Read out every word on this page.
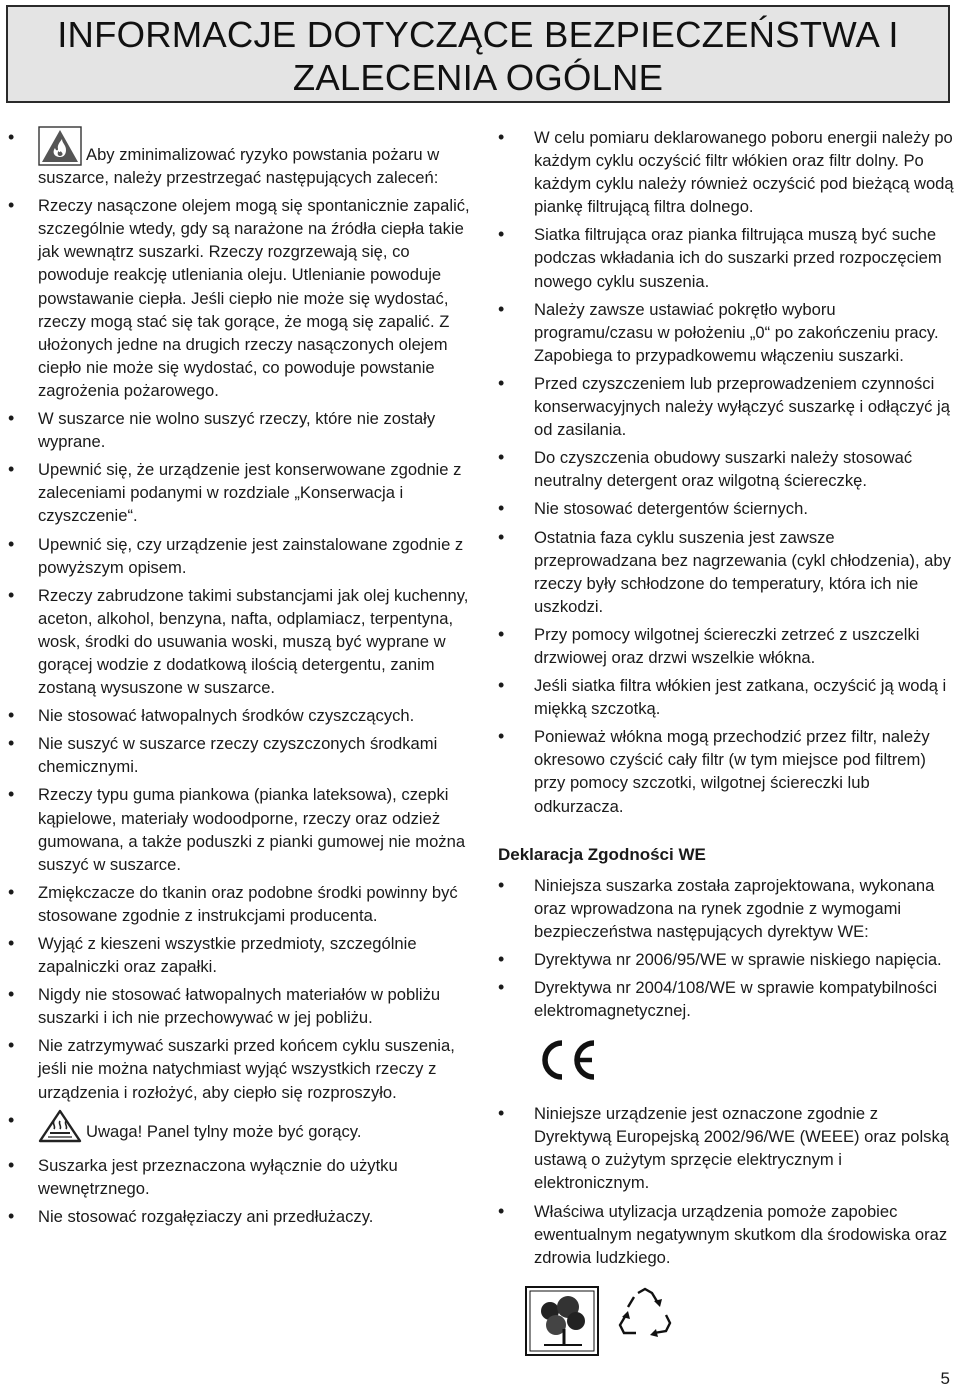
INFORMACJE DOTYCZĄCE BEZPIECZEŃSTWA I
ZALECENIA OGÓLNE
• Aby zminimalizować ryzyko powstania pożaru w suszarce, należy przestrzegać następujących zaleceń:
• Rzeczy nasączone olejem mogą się spontanicznie zapalić, szczególnie wtedy, gdy są narażone na źródła ciepła takie jak wewnątrz suszarki. Rzeczy rozgrzewają się, co powoduje reakcję utleniania oleju. Utlenianie powoduje powstawanie ciepła. Jeśli ciepło nie może się wydostać, rzeczy mogą stać się tak gorące, że mogą się zapalić. Z ułożonych jedne na drugich rzeczy nasączonych olejem ciepło nie może się wydostać, co powoduje powstanie zagrożenia pożarowego.
• W suszarce nie wolno suszyć rzeczy, które nie zostały wyprane.
• Upewnić się, że urządzenie jest konserwowane zgodnie z zaleceniami podanymi w rozdziale „Konserwacja i czyszczenie“.
• Upewnić się, czy urządzenie jest zainstalowane zgodnie z powyższym opisem.
• Rzeczy zabrudzone takimi substancjami jak olej kuchenny, aceton, alkohol, benzyna, nafta, odplamiacz, terpentyna, wosk, środki do usuwania woski, muszą być wyprane w gorącej wodzie z dodatkową ilością detergentu, zanim zostaną wysuszone w suszarce.
• Nie stosować łatwopalnych środków czyszczących.
• Nie suszyć w suszarce rzeczy czyszczonych środkami chemicznymi.
• Rzeczy typu guma piankowa (pianka lateksowa), czepki kąpielowe, materiały wodoodporne, rzeczy oraz odzież gumowana, a także poduszki z pianki gumowej nie można suszyć w suszarce.
• Zmiękczacze do tkanin oraz podobne środki powinny być stosowane zgodnie z instrukcjami producenta.
• Wyjąć z kieszeni wszystkie przedmioty, szczególnie zapalniczki oraz zapałki.
• Nigdy nie stosować łatwopalnych materiałów w pobliżu suszarki i ich nie przechowywać w jej pobliżu.
• Nie zatrzymywać suszarki przed końcem cyklu suszenia, jeśli nie można natychmiast wyjąć wszystkich rzeczy z urządzenia i rozłożyć, aby ciepło się rozproszyło.
• Uwaga! Panel tylny może być gorący.
• Suszarka jest przeznaczona wyłącznie do użytku wewnętrznego.
• Nie stosować rozgałęziaczy ani przedłużaczy.
• W celu pomiaru deklarowanego poboru energii należy po każdym cyklu oczyścić filtr włókien oraz filtr dolny. Po każdym cyklu należy również oczyścić pod bieżącą wodą piankę filtrującą filtra dolnego.
• Siatka filtrująca oraz pianka filtrująca muszą być suche podczas wkładania ich do suszarki przed rozpoczęciem nowego cyklu suszenia.
• Należy zawsze ustawiać pokrętło wyboru programu/czasu w położeniu „0“ po zakończeniu pracy. Zapobiega to przypadkowemu włączeniu suszarki.
• Przed czyszczeniem lub przeprowadzeniem czynności konserwacyjnych należy wyłączyć suszarkę i odłączyć ją od zasilania.
• Do czyszczenia obudowy suszarki należy stosować neutralny detergent oraz wilgotną ściereczkę.
• Nie stosować detergentów ściernych.
• Ostatnia faza cyklu suszenia jest zawsze przeprowadzana bez nagrzewania (cykl chłodzenia), aby rzeczy były schłodzone do temperatury, która ich nie uszkodzi.
• Przy pomocy wilgotnej ściereczki zetrzeć z uszczelki drzwiowej oraz drzwi wszelkie włókna.
• Jeśli siatka filtra włókien jest zatkana, oczyścić ją wodą i miękką szczotką.
• Ponieważ włókna mogą przechodzić przez filtr, należy okresowo czyścić cały filtr (w tym miejsce pod filtrem) przy pomocy szczotki, wilgotnej ściereczki lub odkurzacza.
Deklaracja Zgodności WE
• Niniejsza suszarka została zaprojektowana, wykonana oraz wprowadzona na rynek zgodnie z wymogami bezpieczeństwa następujących dyrektyw WE:
• Dyrektywa nr 2006/95/WE w sprawie niskiego napięcia.
• Dyrektywa nr 2004/108/WE w sprawie kompatybilności elektromagnetycznej.
• Niniejsze urządzenie jest oznaczone zgodnie z Dyrektywą Europejską 2002/96/WE (WEEE) oraz polską ustawą o zużytym sprzęcie elektrycznym i elektronicznym.
• Właściwa utylizacja urządzenia pomoże zapobiec ewentualnym negatywnym skutkom dla środowiska oraz zdrowia ludzkiego.
5
